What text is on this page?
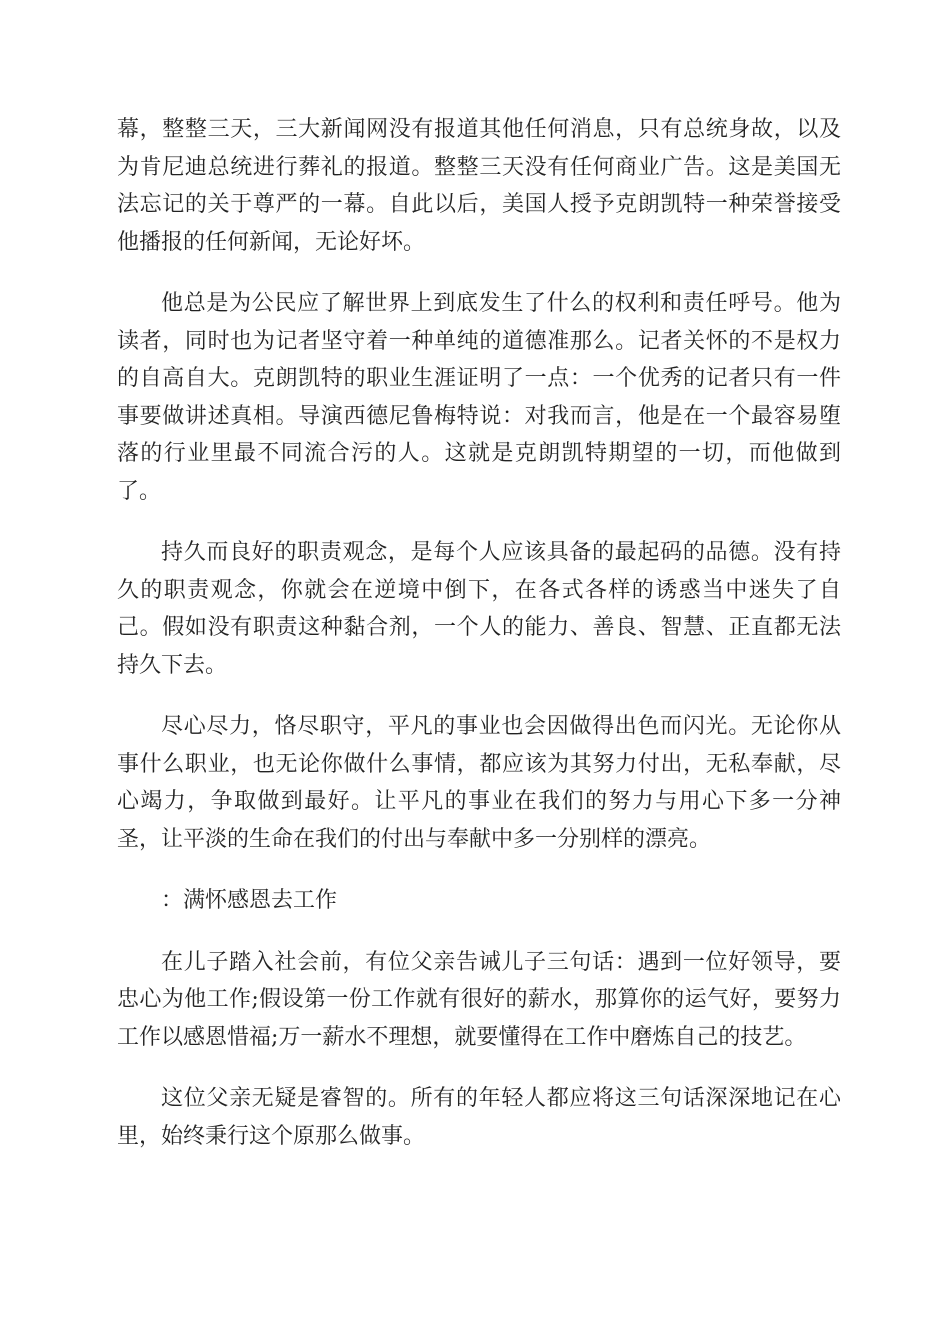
幕，整整三天，三大新闻网没有报道其他任何消息，只有总统身故，以及为肯尼迪总统进行葬礼的报道。整整三天没有任何商业广告。这是美国无法忘记的关于尊严的一幕。自此以后，美国人授予克朗凯特一种荣誉接受他播报的任何新闻，无论好坏。

他总是为公民应了解世界上到底发生了什么的权利和责任呼号。他为读者，同时也为记者坚守着一种单纯的道德准那么。记者关怀的不是权力的自高自大。克朗凯特的职业生涯证明了一点：一个优秀的记者只有一件事要做讲述真相。导演西德尼鲁梅特说：对我而言，他是在一个最容易堕落的行业里最不同流合污的人。这就是克朗凯特期望的一切，而他做到了。

持久而良好的职责观念，是每个人应该具备的最起码的品德。没有持久的职责观念，你就会在逆境中倒下，在各式各样的诱惑当中迷失了自己。假如没有职责这种黏合剂，一个人的能力、善良、智慧、正直都无法持久下去。

尽心尽力，恪尽职守，平凡的事业也会因做得出色而闪光。无论你从事什么职业，也无论你做什么事情，都应该为其努力付出，无私奉献，尽心竭力，争取做到最好。让平凡的事业在我们的努力与用心下多一分神圣，让平淡的生命在我们的付出与奉献中多一分别样的漂亮。

：满怀感恩去工作

在儿子踏入社会前，有位父亲告诫儿子三句话：遇到一位好领导，要忠心为他工作;假设第一份工作就有很好的薪水，那算你的运气好，要努力工作以感恩惜福;万一薪水不理想，就要懂得在工作中磨炼自己的技艺。

这位父亲无疑是睿智的。所有的年轻人都应将这三句话深深地记在心里，始终秉行这个原那么做事。
